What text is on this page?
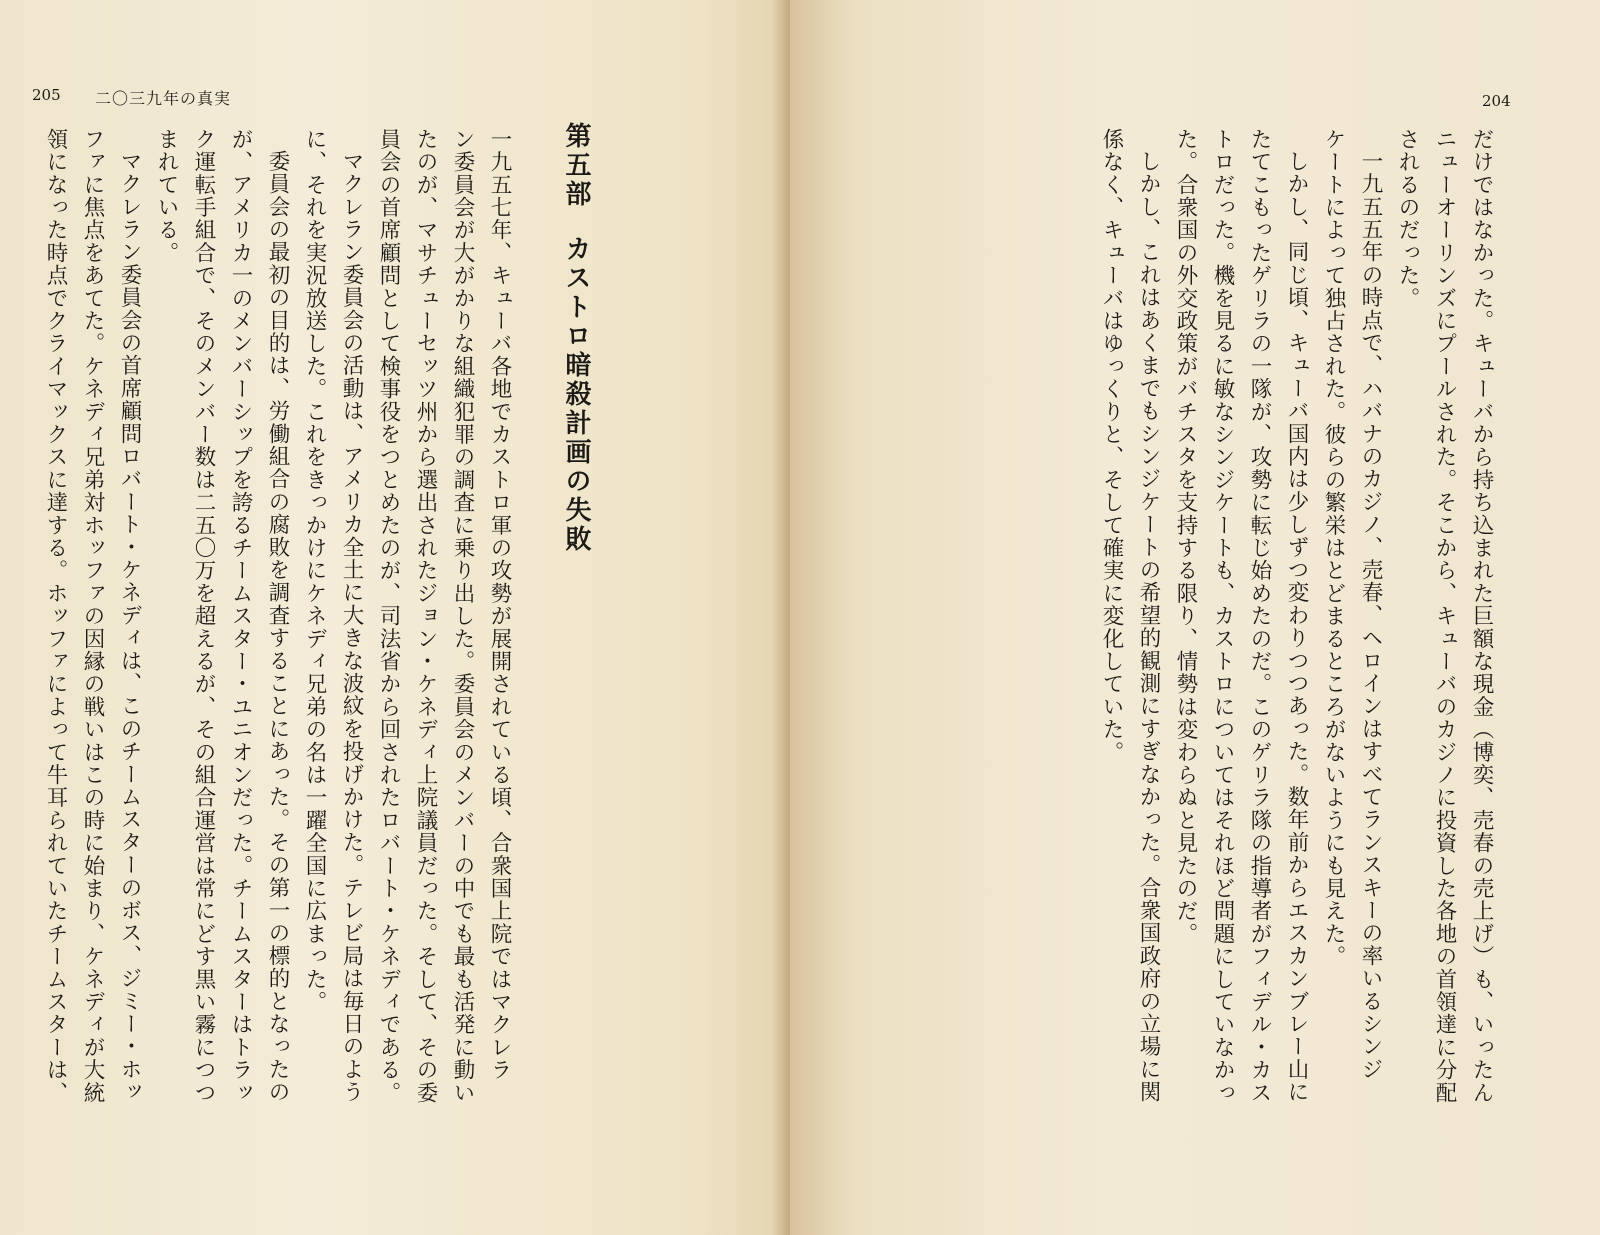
205 二〇三九年の真実
第五部カストロ暗殺計画の失敗
一九五七年、キューバ各地でカストロ軍の攻勢が展開されている頃、合衆国上院ではマクレラ
ン委員会が大がかりな組織犯罪の調査に乗り出した。委員会のメンバーの中でも最も活発に動い
たのが、マサチューセッツ州から選出されたジョン・ケネディ上院議員だった。そして、その委
員会の首席顧問として検事役をつとめたのが、司法省から回されたロバート・ケネディである。
マクレラン委員会の活動は、アメリカ全土に大きな波紋を投げかけた。テレビ局は毎日のよう
に、それを実況放送した。これをきっかけにケネディ兄弟の名は一躍全国に広まった。
委員会の最初の目的は、労働組合の腐敗を調査することにあった。その第一の標的となったの
が、アメリカ一のメンバーシップを誇るチームスター・ユニオンだった。チームスターはトラッ
ク運転手組合で、そのメンバー数は二五〇万を超えるが、その組合運営は常にどす黒い霧につつ
まれている。
マクレラン委員会の首席顧問ロバート・ケネディは、このチームスターのボス、ジミー・ホッ
ファに焦点をあてた。ケネディ兄弟対ホッファの因縁の戦いはこの時に始まり、ケネディが大統
領になった時点でクライマックスに達する。ホッファによって牛耳られていたチームスターは、
204
だけではなかった。キューバから持ち込まれた巨額な現金（博奕、売春の売上げ）も、いったん
ニューオーリンズにプールされた。そこから、キューバのカジノに投資した各地の首領達に分配
されるのだった。
一九五五年の時点で、ハバナのカジノ、売春、ヘロインはすべてランスキーの率いるシンジ
ケートによって独占された。彼らの繁栄はとどまるところがないようにも見えた。
しかし、同じ頃、キューバ国内は少しずつ変わりつつあった。数年前からエスカンブレー山に
たてこもったゲリラの一隊が、攻勢に転じ始めたのだ。このゲリラ隊の指導者がフィデル・カス
トロだった。機を見るに敏なシンジケートも、カストロについてはそれほど問題にしていなかっ
た。合衆国の外交政策がバチスタを支持する限り、情勢は変わらぬと見たのだ。
しかし、これはあくまでもシンジケートの希望的観測にすぎなかった。合衆国政府の立場に関
係なく、キューバはゆっくりと、そして確実に変化していた。
